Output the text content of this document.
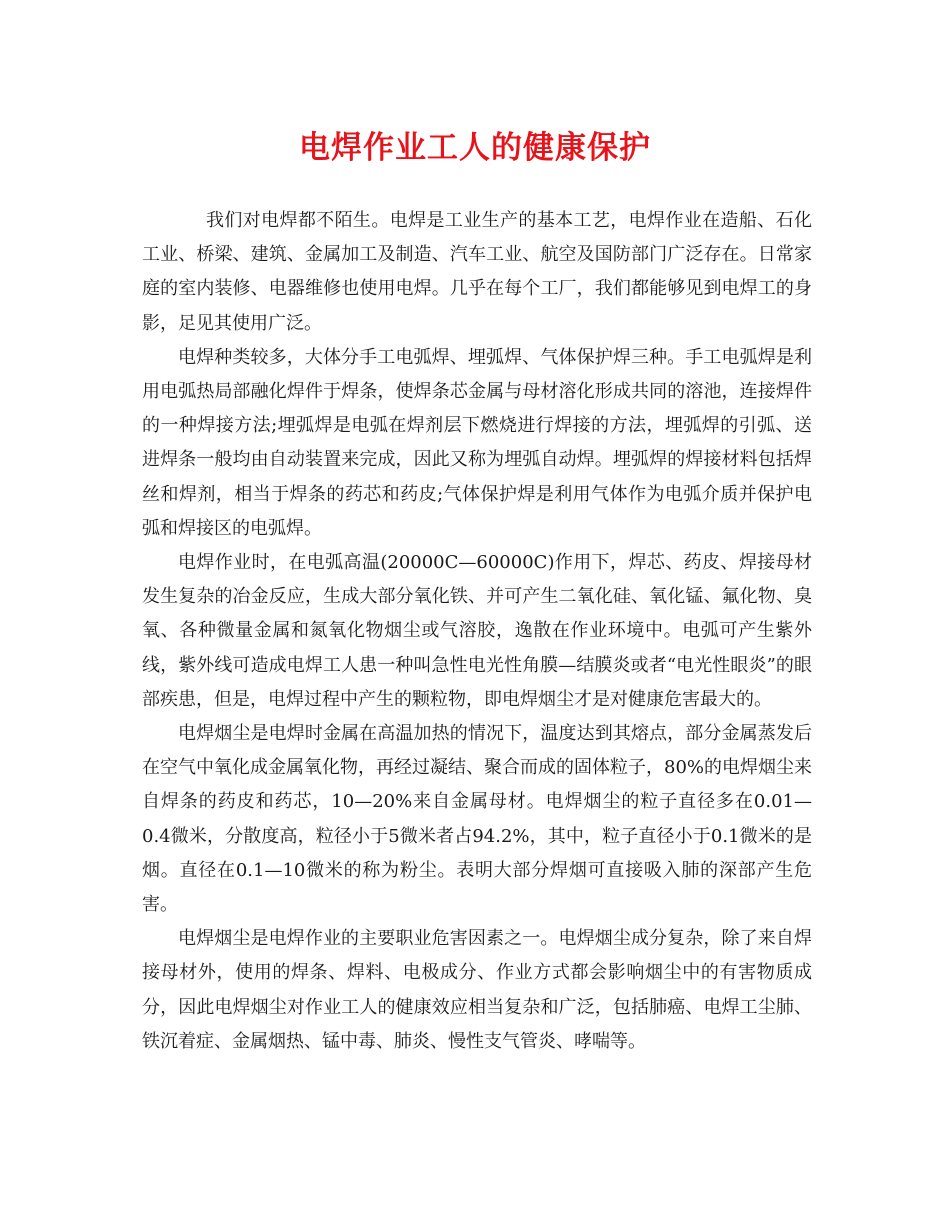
电焊作业工人的健康保护

我们对电焊都不陌生。电焊是工业生产的基本工艺，电焊作业在造船、石化工业、桥梁、建筑、金属加工及制造、汽车工业、航空及国防部门广泛存在。日常家庭的室内装修、电器维修也使用电焊。几乎在每个工厂，我们都能够见到电焊工的身影，足见其使用广泛。

电焊种类较多，大体分手工电弧焊、埋弧焊、气体保护焊三种。手工电弧焊是利用电弧热局部融化焊件于焊条，使焊条芯金属与母材溶化形成共同的溶池，连接焊件的一种焊接方法;埋弧焊是电弧在焊剂层下燃烧进行焊接的方法，埋弧焊的引弧、送进焊条一般均由自动装置来完成，因此又称为埋弧自动焊。埋弧焊的焊接材料包括焊丝和焊剂，相当于焊条的药芯和药皮;气体保护焊是利用气体作为电弧介质并保护电弧和焊接区的电弧焊。

电焊作业时，在电弧高温(20000C—60000C)作用下，焊芯、药皮、焊接母材发生复杂的冶金反应，生成大部分氧化铁、并可产生二氧化硅、氧化锰、氟化物、臭氧、各种微量金属和氮氧化物烟尘或气溶胶，逸散在作业环境中。电弧可产生紫外线，紫外线可造成电焊工人患一种叫急性电光性角膜—结膜炎或者“电光性眼炎”的眼部疾患，但是，电焊过程中产生的颗粒物，即电焊烟尘才是对健康危害最大的。

电焊烟尘是电焊时金属在高温加热的情况下，温度达到其熔点，部分金属蒸发后在空气中氧化成金属氧化物，再经过凝结、聚合而成的固体粒子，80%的电焊烟尘来自焊条的药皮和药芯，10—20%来自金属母材。电焊烟尘的粒子直径多在0.01—0.4微米，分散度高，粒径小于5微米者占94.2%，其中，粒子直径小于0.1微米的是烟。直径在0.1—10微米的称为粉尘。表明大部分焊烟可直接吸入肺的深部产生危害。

电焊烟尘是电焊作业的主要职业危害因素之一。电焊烟尘成分复杂，除了来自焊接母材外，使用的焊条、焊料、电极成分、作业方式都会影响烟尘中的有害物质成分，因此电焊烟尘对作业工人的健康效应相当复杂和广泛，包括肺癌、电焊工尘肺、铁沉着症、金属烟热、锰中毒、肺炎、慢性支气管炎、哮喘等。
